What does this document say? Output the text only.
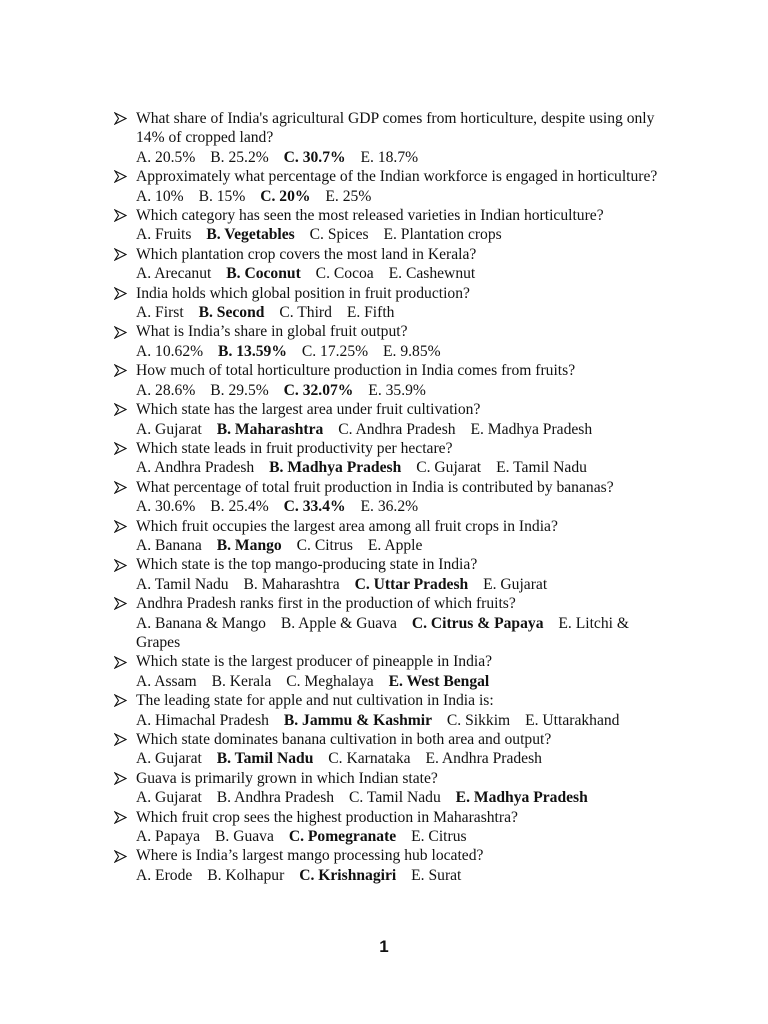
What share of India's agricultural GDP comes from horticulture, despite using only 14% of cropped land?
A. 20.5% B. 25.2% C. 30.7% E. 18.7%
Approximately what percentage of the Indian workforce is engaged in horticulture?
A. 10% B. 15% C. 20% E. 25%
Which category has seen the most released varieties in Indian horticulture?
A. Fruits B. Vegetables C. Spices E. Plantation crops
Which plantation crop covers the most land in Kerala?
A. Arecanut B. Coconut C. Cocoa E. Cashewnut
India holds which global position in fruit production?
A. First B. Second C. Third E. Fifth
What is India’s share in global fruit output?
A. 10.62% B. 13.59% C. 17.25% E. 9.85%
How much of total horticulture production in India comes from fruits?
A. 28.6% B. 29.5% C. 32.07% E. 35.9%
Which state has the largest area under fruit cultivation?
A. Gujarat B. Maharashtra C. Andhra Pradesh E. Madhya Pradesh
Which state leads in fruit productivity per hectare?
A. Andhra Pradesh B. Madhya Pradesh C. Gujarat E. Tamil Nadu
What percentage of total fruit production in India is contributed by bananas?
A. 30.6% B. 25.4% C. 33.4% E. 36.2%
Which fruit occupies the largest area among all fruit crops in India?
A. Banana B. Mango C. Citrus E. Apple
Which state is the top mango-producing state in India?
A. Tamil Nadu B. Maharashtra C. Uttar Pradesh E. Gujarat
Andhra Pradesh ranks first in the production of which fruits?
A. Banana & Mango B. Apple & Guava C. Citrus & Papaya E. Litchi & Grapes
Which state is the largest producer of pineapple in India?
A. Assam B. Kerala C. Meghalaya E. West Bengal
The leading state for apple and nut cultivation in India is:
A. Himachal Pradesh B. Jammu & Kashmir C. Sikkim E. Uttarakhand
Which state dominates banana cultivation in both area and output?
A. Gujarat B. Tamil Nadu C. Karnataka E. Andhra Pradesh
Guava is primarily grown in which Indian state?
A. Gujarat B. Andhra Pradesh C. Tamil Nadu E. Madhya Pradesh
Which fruit crop sees the highest production in Maharashtra?
A. Papaya B. Guava C. Pomegranate E. Citrus
Where is India’s largest mango processing hub located?
A. Erode B. Kolhapur C. Krishnagiri E. Surat
1
